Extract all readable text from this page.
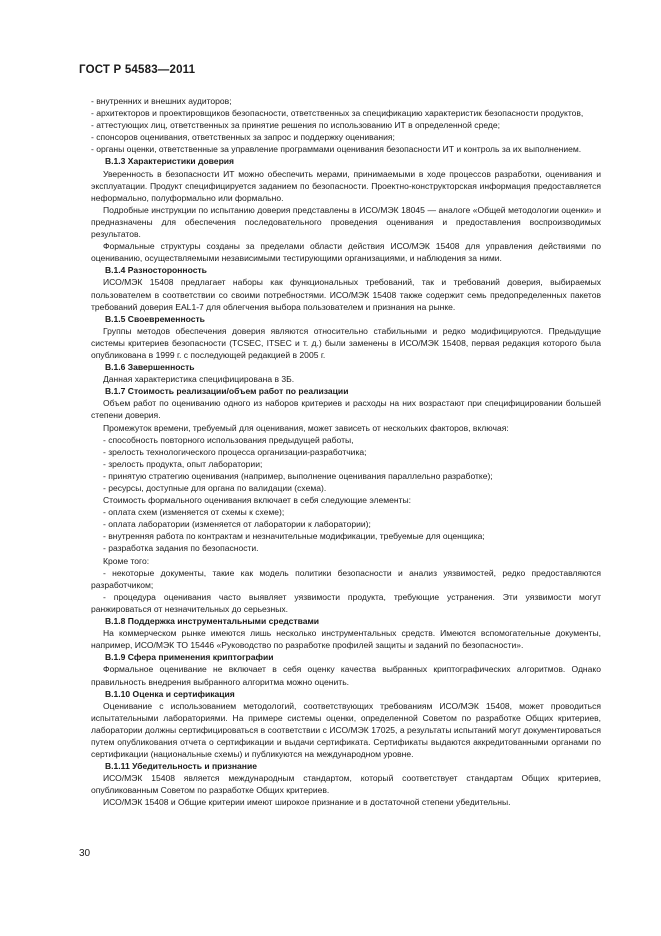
ГОСТ Р 54583—2011

- внутренних и внешних аудиторов;

- архитекторов и проектировщиков безопасности, ответственных за спецификацию характеристик безопасности продуктов,

- аттестующих лиц, ответственных за принятие решения по использованию ИТ в определенной среде;

- спонсоров оценивания, ответственных за запрос и поддержку оценивания;

- органы оценки, ответственные за управление программами оценивания безопасности ИТ и контроль за их выполнением.

В.1.3 Характеристики доверия

Уверенность в безопасности ИТ можно обеспечить мерами, принимаемыми в ходе процессов разработки, оценивания и эксплуатации. Продукт специфицируется заданием по безопасности. Проектно-конструкторская информация предоставляется неформально, полуформально или формально.

Подробные инструкции по испытанию доверия представлены в ИСО/МЭК 18045 — аналоге «Общей методологии оценки» и предназначены для обеспечения последовательного проведения оценивания и предоставления воспроизводимых результатов.

Формальные структуры созданы за пределами области действия ИСО/МЭК 15408 для управления действиями по оцениванию, осуществляемыми независимыми тестирующими организациями, и наблюдения за ними.

В.1.4 Разносторонность

ИСО/МЭК 15408 предлагает наборы как функциональных требований, так и требований доверия, выбираемых пользователем в соответствии со своими потребностями. ИСО/МЭК 15408 также содержит семь предопределенных пакетов требований доверия EAL1-7 для облегчения выбора пользователем и признания на рынке.

В.1.5 Своевременность

Группы методов обеспечения доверия являются относительно стабильными и редко модифицируются. Предыдущие системы критериев безопасности (TCSEC, ITSEC и т. д.) были заменены в ИСО/МЭК 15408, первая редакция которого была опубликована в 1999 г. с последующей редакцией в 2005 г.

В.1.6 Завершенность

Данная характеристика специфицирована в 3Б.

В.1.7 Стоимость реализации/объем работ по реализации

Объем работ по оцениванию одного из наборов критериев и расходы на них возрастают при специфицировании большей степени доверия.

Промежуток времени, требуемый для оценивания, может зависеть от нескольких факторов, включая:

- способность повторного использования предыдущей работы,

- зрелость технологического процесса организации-разработчика;

- зрелость продукта, опыт лаборатории;

- принятую стратегию оценивания (например, выполнение оценивания параллельно разработке);

- ресурсы, доступные для органа по валидации (схема).

Стоимость формального оценивания включает в себя следующие элементы:

- оплата схем (изменяется от схемы к схеме);

- оплата лаборатории (изменяется от лаборатории к лаборатории);

- внутренняя работа по контрактам и незначительные модификации, требуемые для оценщика;

- разработка задания по безопасности.

Кроме того:

- некоторые документы, такие как модель политики безопасности и анализ уязвимостей, редко предоставляются разработчиком;

- процедура оценивания часто выявляет уязвимости продукта, требующие устранения. Эти уязвимости могут ранжироваться от незначительных до серьезных.

В.1.8 Поддержка инструментальными средствами

На коммерческом рынке имеются лишь несколько инструментальных средств. Имеются вспомогательные документы, например, ИСО/МЭК ТО 15446 «Руководство по разработке профилей защиты и заданий по безопасности».

В.1.9 Сфера применения криптографии

Формальное оценивание не включает в себя оценку качества выбранных криптографических алгоритмов. Однако правильность внедрения выбранного алгоритма можно оценить.

В.1.10 Оценка и сертификация

Оценивание с использованием методологий, соответствующих требованиям ИСО/МЭК 15408, может проводиться испытательными лабораториями. На примере системы оценки, определенной Советом по разработке Общих критериев, лаборатории должны сертифицироваться в соответствии с ИСО/МЭК 17025, а результаты испытаний могут документироваться путем опубликования отчета о сертификации и выдачи сертификата. Сертификаты выдаются аккредитованными органами по сертификации (национальные схемы) и публикуются на международном уровне.

В.1.11 Убедительность и признание

ИСО/МЭК 15408 является международным стандартом, который соответствует стандартам Общих критериев, опубликованным Советом по разработке Общих критериев.

ИСО/МЭК 15408 и Общие критерии имеют широкое признание и в достаточной степени убедительны.

30
